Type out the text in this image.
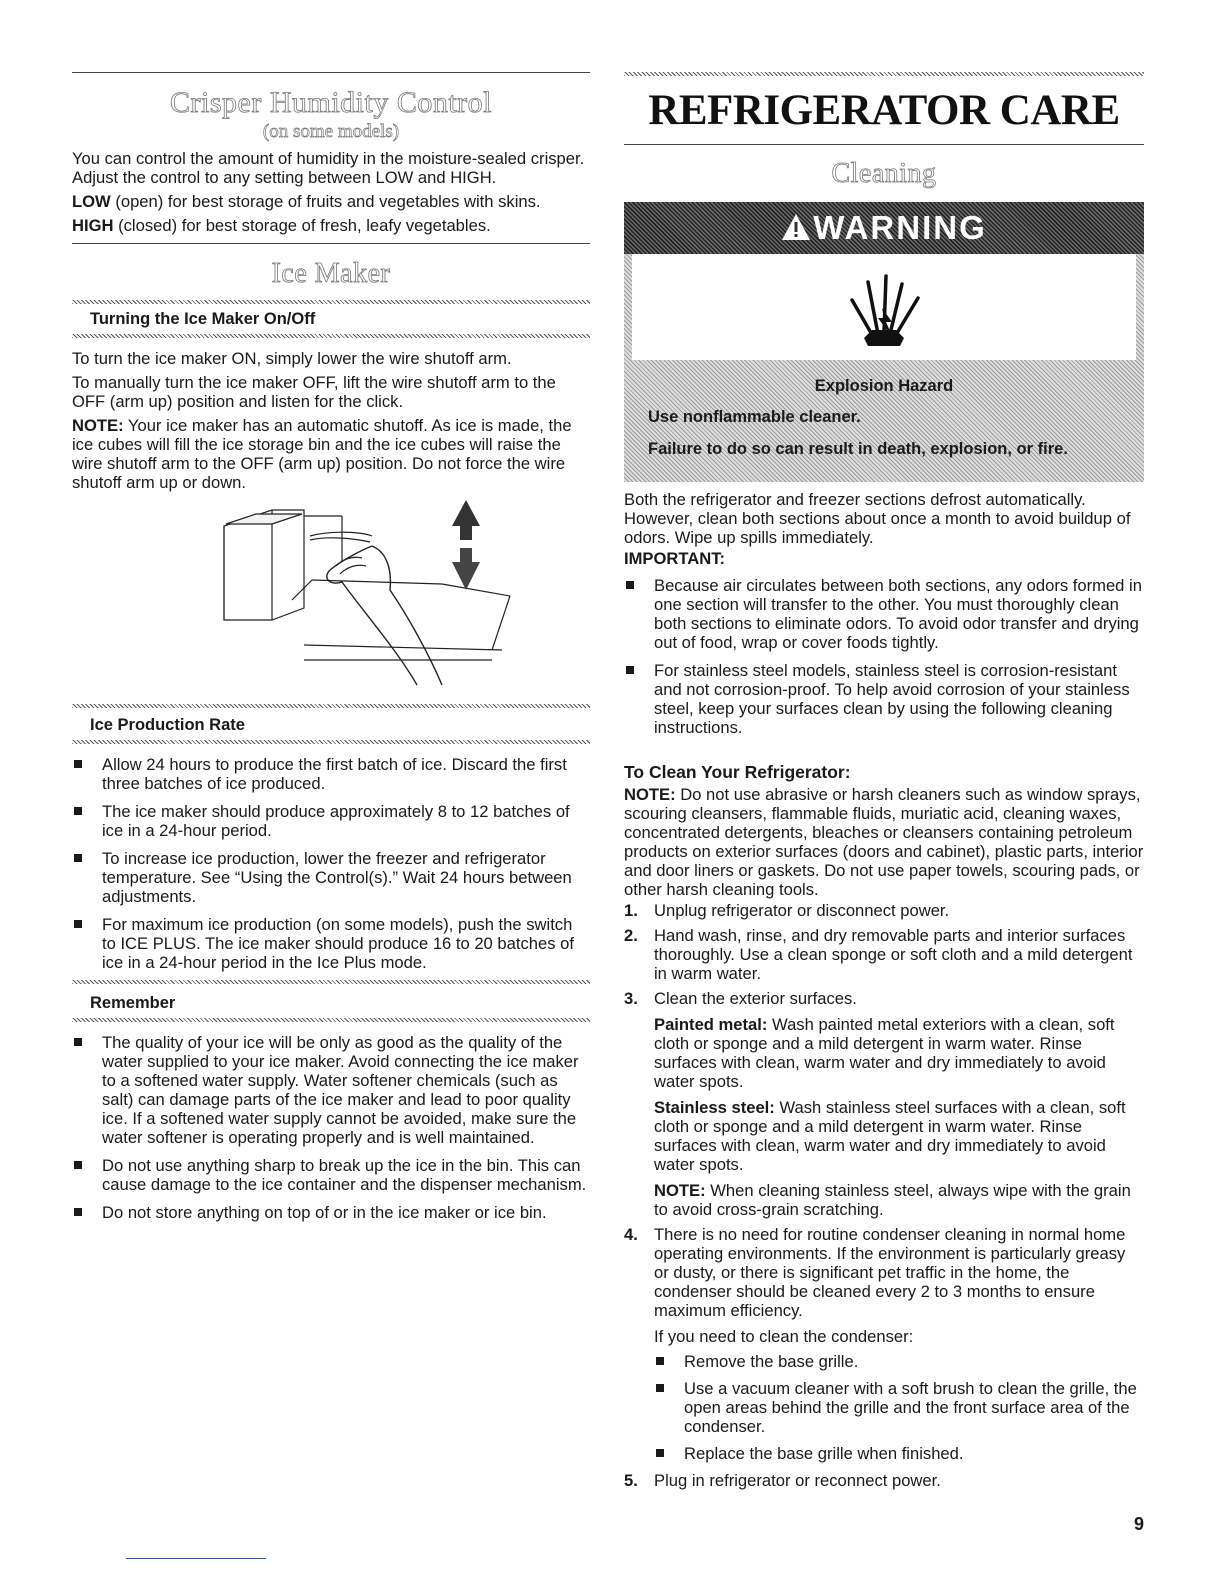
Crisper Humidity Control
(on some models)

You can control the amount of humidity in the moisture-sealed crisper. Adjust the control to any setting between LOW and HIGH.

LOW (open) for best storage of fruits and vegetables with skins.

HIGH (closed) for best storage of fresh, leafy vegetables.

Ice Maker
Turning the Ice Maker On/Off

To turn the ice maker ON, simply lower the wire shutoff arm.

To manually turn the ice maker OFF, lift the wire shutoff arm to the OFF (arm up) position and listen for the click.

NOTE: Your ice maker has an automatic shutoff. As ice is made, the ice cubes will fill the ice storage bin and the ice cubes will raise the wire shutoff arm to the OFF (arm up) position. Do not force the wire shutoff arm up or down.

Ice Production Rate
Allow 24 hours to produce the first batch of ice. Discard the first three batches of ice produced.
The ice maker should produce approximately 8 to 12 batches of ice in a 24-hour period.
To increase ice production, lower the freezer and refrigerator temperature. See “Using the Control(s).” Wait 24 hours between adjustments.
For maximum ice production (on some models), push the switch to ICE PLUS. The ice maker should produce 16 to 20 batches of ice in a 24-hour period in the Ice Plus mode.
Remember
The quality of your ice will be only as good as the quality of the water supplied to your ice maker. Avoid connecting the ice maker to a softened water supply. Water softener chemicals (such as salt) can damage parts of the ice maker and lead to poor quality ice. If a softened water supply cannot be avoided, make sure the water softener is operating properly and is well maintained.
Do not use anything sharp to break up the ice in the bin. This can cause damage to the ice container and the dispenser mechanism.
Do not store anything on top of or in the ice maker or ice bin.
REFRIGERATOR CARE
Cleaning
WARNING
Explosion Hazard
Use nonflammable cleaner.
Failure to do so can result in death, explosion, or fire.

Both the refrigerator and freezer sections defrost automatically. However, clean both sections about once a month to avoid buildup of odors. Wipe up spills immediately.

IMPORTANT:
Because air circulates between both sections, any odors formed in one section will transfer to the other. You must thoroughly clean both sections to eliminate odors. To avoid odor transfer and drying out of food, wrap or cover foods tightly.
For stainless steel models, stainless steel is corrosion-resistant and not corrosion-proof. To help avoid corrosion of your stainless steel, keep your surfaces clean by using the following cleaning instructions.
To Clean Your Refrigerator:

NOTE: Do not use abrasive or harsh cleaners such as window sprays, scouring cleansers, flammable fluids, muriatic acid, cleaning waxes, concentrated detergents, bleaches or cleansers containing petroleum products on exterior surfaces (doors and cabinet), plastic parts, interior and door liners or gaskets. Do not use paper towels, scouring pads, or other harsh cleaning tools.

1. Unplug refrigerator or disconnect power.
2. Hand wash, rinse, and dry removable parts and interior surfaces thoroughly. Use a clean sponge or soft cloth and a mild detergent in warm water.
3. Clean the exterior surfaces.
Painted metal: Wash painted metal exteriors with a clean, soft cloth or sponge and a mild detergent in warm water. Rinse surfaces with clean, warm water and dry immediately to avoid water spots.
Stainless steel: Wash stainless steel surfaces with a clean, soft cloth or sponge and a mild detergent in warm water. Rinse surfaces with clean, warm water and dry immediately to avoid water spots.
NOTE: When cleaning stainless steel, always wipe with the grain to avoid cross-grain scratching.
4. There is no need for routine condenser cleaning in normal home operating environments. If the environment is particularly greasy or dusty, or there is significant pet traffic in the home, the condenser should be cleaned every 2 to 3 months to ensure maximum efficiency.
If you need to clean the condenser:
Remove the base grille.
Use a vacuum cleaner with a soft brush to clean the grille, the open areas behind the grille and the front surface area of the condenser.
Replace the base grille when finished.
5. Plug in refrigerator or reconnect power.
9
